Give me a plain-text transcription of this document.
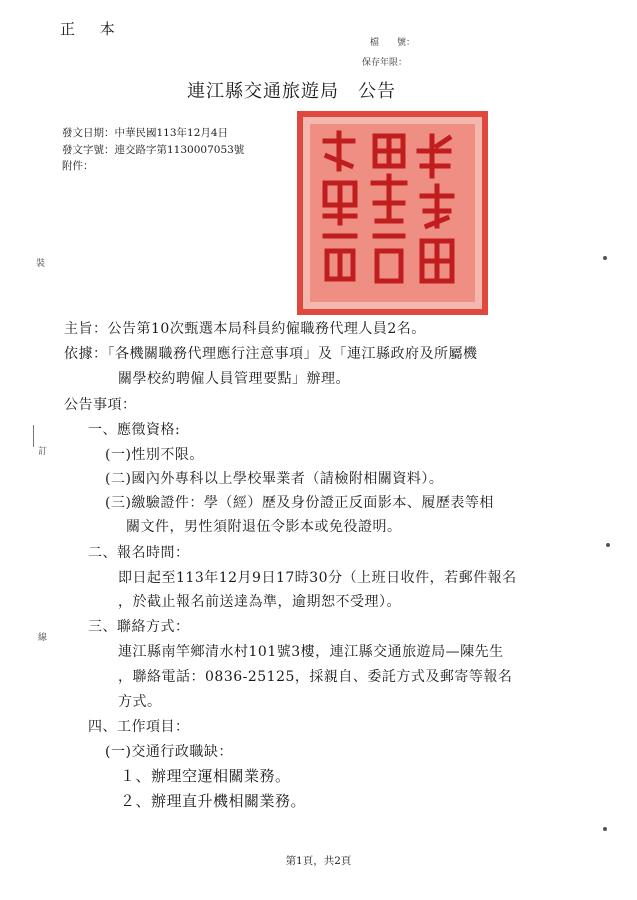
正 本
檔　　號：
保存年限：
連江縣交通旅遊局　公告
發文日期：中華民國113年12月4日
發文字號：連交路字第1130007053號
附件：
裝
訂
線
主旨：公告第10次甄選本局科員約僱職務代理人員2名。
依據：「各機關職務代理應行注意事項」及「連江縣政府及所屬機
關學校約聘僱人員管理要點」辦理。
公告事項：
一、應徵資格:
(一)性別不限。
(二)國內外專科以上學校畢業者（請檢附相關資料）。
(三)繳驗證件：學（經）歷及身份證正反面影本、履歷表等相
關文件，男性須附退伍令影本或免役證明。
二、報名時間：
即日起至113年12月9日17時30分（上班日收件，若郵件報名
，於截止報名前送達為準，逾期恕不受理）。
三、聯絡方式：
連江縣南竿鄉清水村101號3樓，連江縣交通旅遊局—陳先生
，聯絡電話：0836-25125，採親自、委託方式及郵寄等報名
方式。
四、工作項目：
(一)交通行政職缺：
１、辦理空運相關業務。
２、辦理直升機相關業務。
第1頁，共2頁
